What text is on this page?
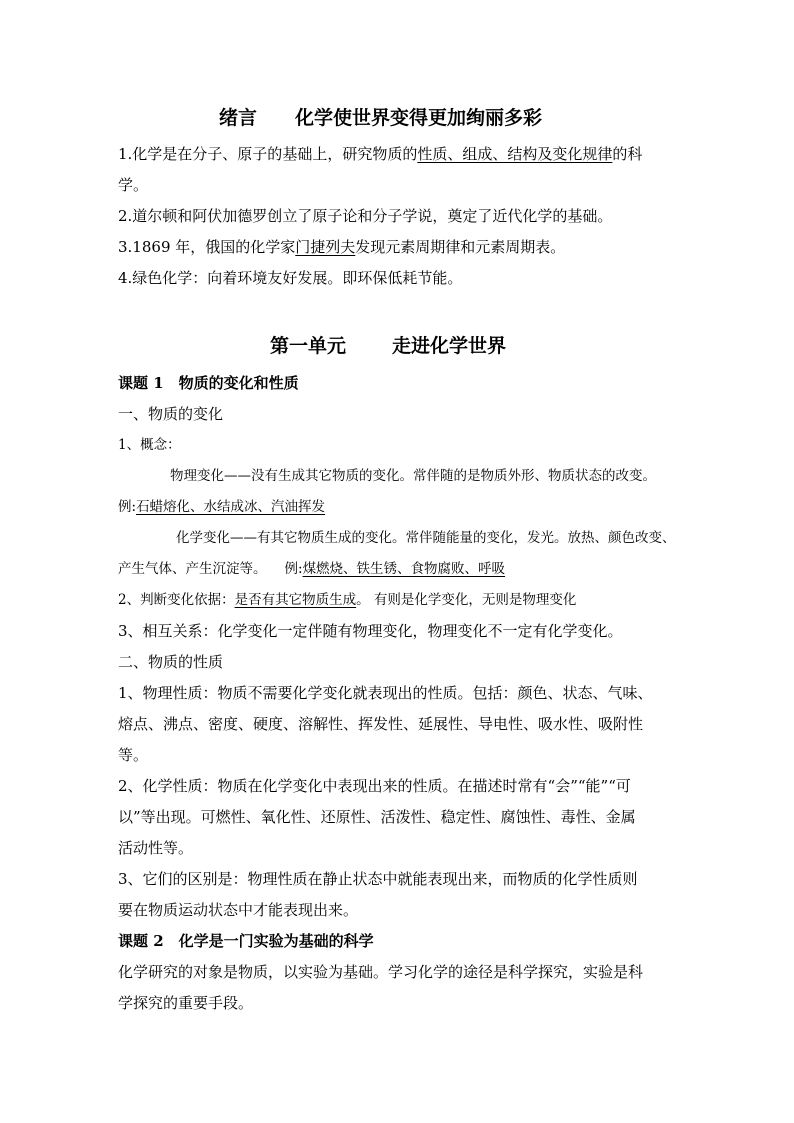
绪言 化学使世界变得更加绚丽多彩
1.化学是在分子、原子的基础上，研究物质的性质、组成、结构及变化规律的科
学。
2.道尔顿和阿伏加德罗创立了原子论和分子学说，奠定了近代化学的基础。
3.1869 年，俄国的化学家门捷列夫发现元素周期律和元素周期表。
4.绿色化学：向着环境友好发展。即环保低耗节能。
第一单元 走进化学世界
课题 1　物质的变化和性质
一、物质的变化
1、概念：
物理变化——没有生成其它物质的变化。常伴随的是物质外形、物质状态的改变。
例:石蜡熔化、水结成冰、汽油挥发
化学变化——有其它物质生成的变化。常伴随能量的变化，发光。放热、颜色改变、
产生气体、产生沉淀等。 例:煤燃烧、铁生锈、食物腐败、呼吸
2、判断变化依据：是否有其它物质生成。 有则是化学变化，无则是物理变化
3、相互关系：化学变化一定伴随有物理变化，物理变化不一定有化学变化。
二、物质的性质
1、物理性质：物质不需要化学变化就表现出的性质。包括：颜色、状态、气味、
熔点、沸点、密度、硬度、溶解性、挥发性、延展性、导电性、吸水性、吸附性
等。
2、化学性质：物质在化学变化中表现出来的性质。在描述时常有“会”“能”“可
以”等出现。可燃性、氧化性、还原性、活泼性、稳定性、腐蚀性、毒性、金属
活动性等。
3、它们的区别是：物理性质在静止状态中就能表现出来，而物质的化学性质则
要在物质运动状态中才能表现出来。
课题 2　化学是一门实验为基础的科学
化学研究的对象是物质，以实验为基础。学习化学的途径是科学探究，实验是科
学探究的重要手段。
